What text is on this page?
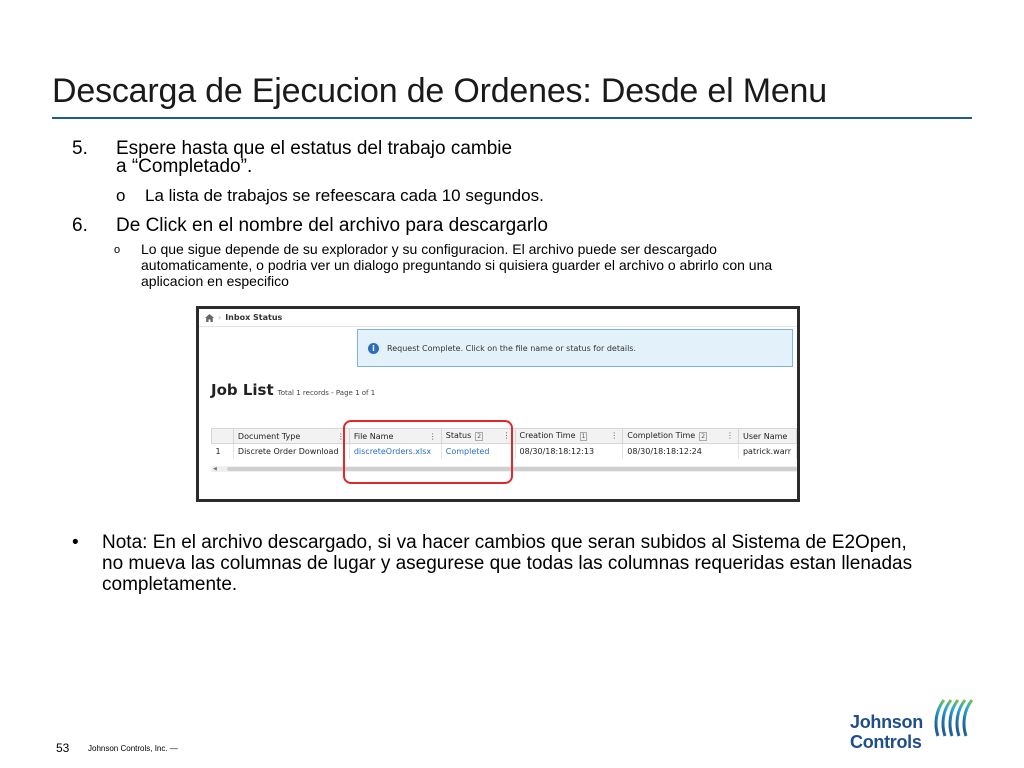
Descarga de Ejecucion de Ordenes: Desde el Menu
5. Espere hasta que el estatus del trabajo cambie
a “Completado”.
o La lista de trabajos se refeescara cada 10 segundos.
6. De Click en el nombre del archivo para descargarlo
o Lo que sigue depende de su explorador y su configuracion. El archivo puede ser descargado
automaticamente, o podria ver un dialogo preguntando si quisiera guarder el archivo o abrirlo con una
aplicacion en especifico
› Inbox Status
i	Request Complete. Click on the file name or status for details.
Job List Total 1 records - Page 1 of 1
	Document Type ⋮	File Name ⋮	Status 2 ⋮	Creation Time 1 ⋮	Completion Time 2 ⋮	User Name
1	Discrete Order Download	discreteOrders.xlsx	Completed	08/30/18:18:12:13	08/30/18:18:12:24	patrick.warr
◀
• Nota: En el archivo descargado, si va hacer cambios que seran subidos al Sistema de E2Open, no mueva las columnas de lugar y asegurese que todas las columnas requeridas estan llenadas completamente.
53 Johnson Controls, Inc. —
Johnson
Controls
